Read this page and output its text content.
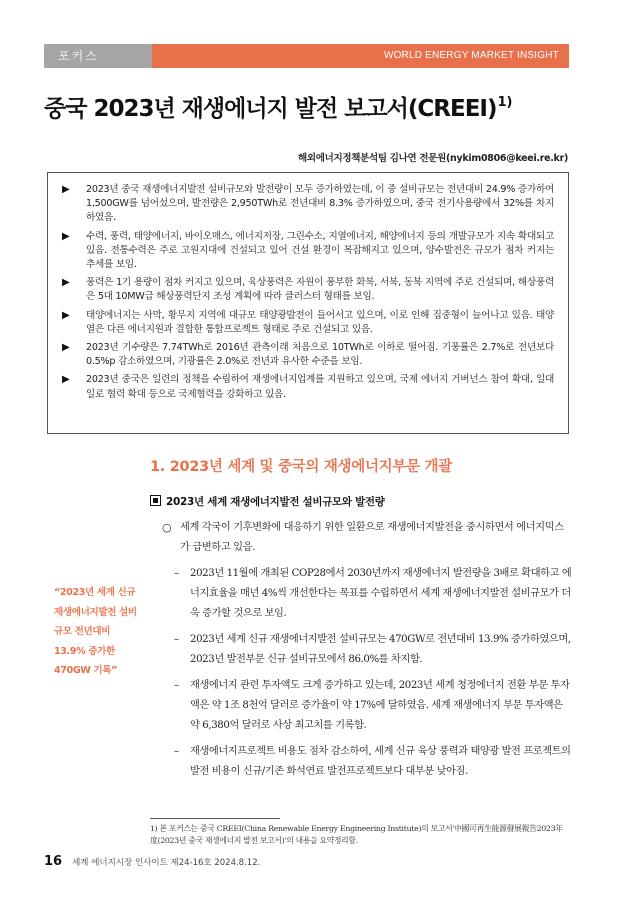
포커스	WORLD ENERGY MARKET INSIGHT
중국 2023년 재생에너지 발전 보고서(CREEI)$^{1)}$
해외에너지정책분석팀 김나연 전문원(nykim0806@keei.re.kr)
▶ 2023년 중국 재생에너지발전 설비규모와 발전량이 모두 증가하였는데, 이 중 설비규모는 전년대비 24.9% 증가하여 1,500GW를 넘어섰으며, 발전량은 2,950TWh로 전년대비 8.3% 증가하였으며, 중국 전기사용량에서 32%를 차지하였음.
▶ 수력, 풍력, 태양에너지, 바이오매스, 에너지저장, 그린수소, 지열에너지, 해양에너지 등의 개발규모가 지속 확대되고 있음. 전통수력은 주로 고원지대에 건설되고 있어 건설 환경이 복잡해지고 있으며, 양수발전은 규모가 점차 커지는 추세를 보임.
▶ 풍력은 1기 용량이 점차 커지고 있으며, 육상풍력은 자원이 풍부한 화북, 서북, 동북 지역에 주로 건설되며, 해상풍력은 5대 10MW급 해상풍력단지 조성 계획에 따라 클러스터 형태를 보임.
▶ 태양에너지는 사막, 황무지 지역에 대규모 태양광발전이 들어서고 있으며, 이로 인해 집중형이 늘어나고 있음. 태양열은 다른 에너지원과 결합한 통합프로젝트 형태로 주로 건설되고 있음.
▶ 2023년 기수량은 7.74TWh로 2016년 관측이래 처음으로 10TWh로 이하로 떨어짐. 기풍률은 2.7%로 전년보다 0.5%p 감소하였으며, 기광률은 2.0%로 전년과 유사한 수준을 보임.
▶ 2023년 중국은 일련의 정책을 수립하여 재생에너지업계를 지원하고 있으며, 국제 에너지 거버넌스 참여 확대, 일대일로 협력 확대 등으로 국제협력을 강화하고 있음.
1. 2023년 세계 및 중국의 재생에너지부문 개괄
2023년 세계 재생에너지발전 설비규모와 발전량

○ 세계 각국이 기후변화에 대응하기 위한 일환으로 재생에너지발전을 중시하면서 에너지믹스가 급변하고 있음.

– 2023년 11월에 개최된 COP28에서 2030년까지 재생에너지 발전량을 3배로 확대하고 에너지효율을 매년 4%씩 개선한다는 목표를 수립하면서 세계 재생에너지발전 설비규모가 더욱 증가할 것으로 보임.

– 2023년 세계 신규 재생에너지발전 설비규모는 470GW로 전년대비 13.9% 증가하였으며, 2023년 발전부문 신규 설비규모에서 86.0%를 차지함.

– 재생에너지 관련 투자액도 크게 증가하고 있는데, 2023년 세계 청정에너지 전환 부문 투자액은 약 1조 8천억 달러로 증가율이 약 17%에 달하였음. 세계 재생에너지 부문 투자액은 약 6,380억 달러로 사상 최고치를 기록함.

– 재생에너지프로젝트 비용도 점차 감소하여, 세계 신규 육상 풍력과 태양광 발전 프로젝트의 발전 비용이 신규/기존 화석연료 발전프로젝트보다 대부분 낮아짐.

“2023년 세계 신규 재생에너지발전 설비규모 전년대비 13.9% 증가한 470GW 기록”

1) 본 포커스는 중국 CREEI(China Renewable Energy Engineering Institute)의 보고서'中國可再生能源發展報告2023年度(2023년 중국 재생에너지 발전 보고서)'의 내용을 요약정리함.

16 세계 에너지시장 인사이트 제24-16호 2024.8.12.
